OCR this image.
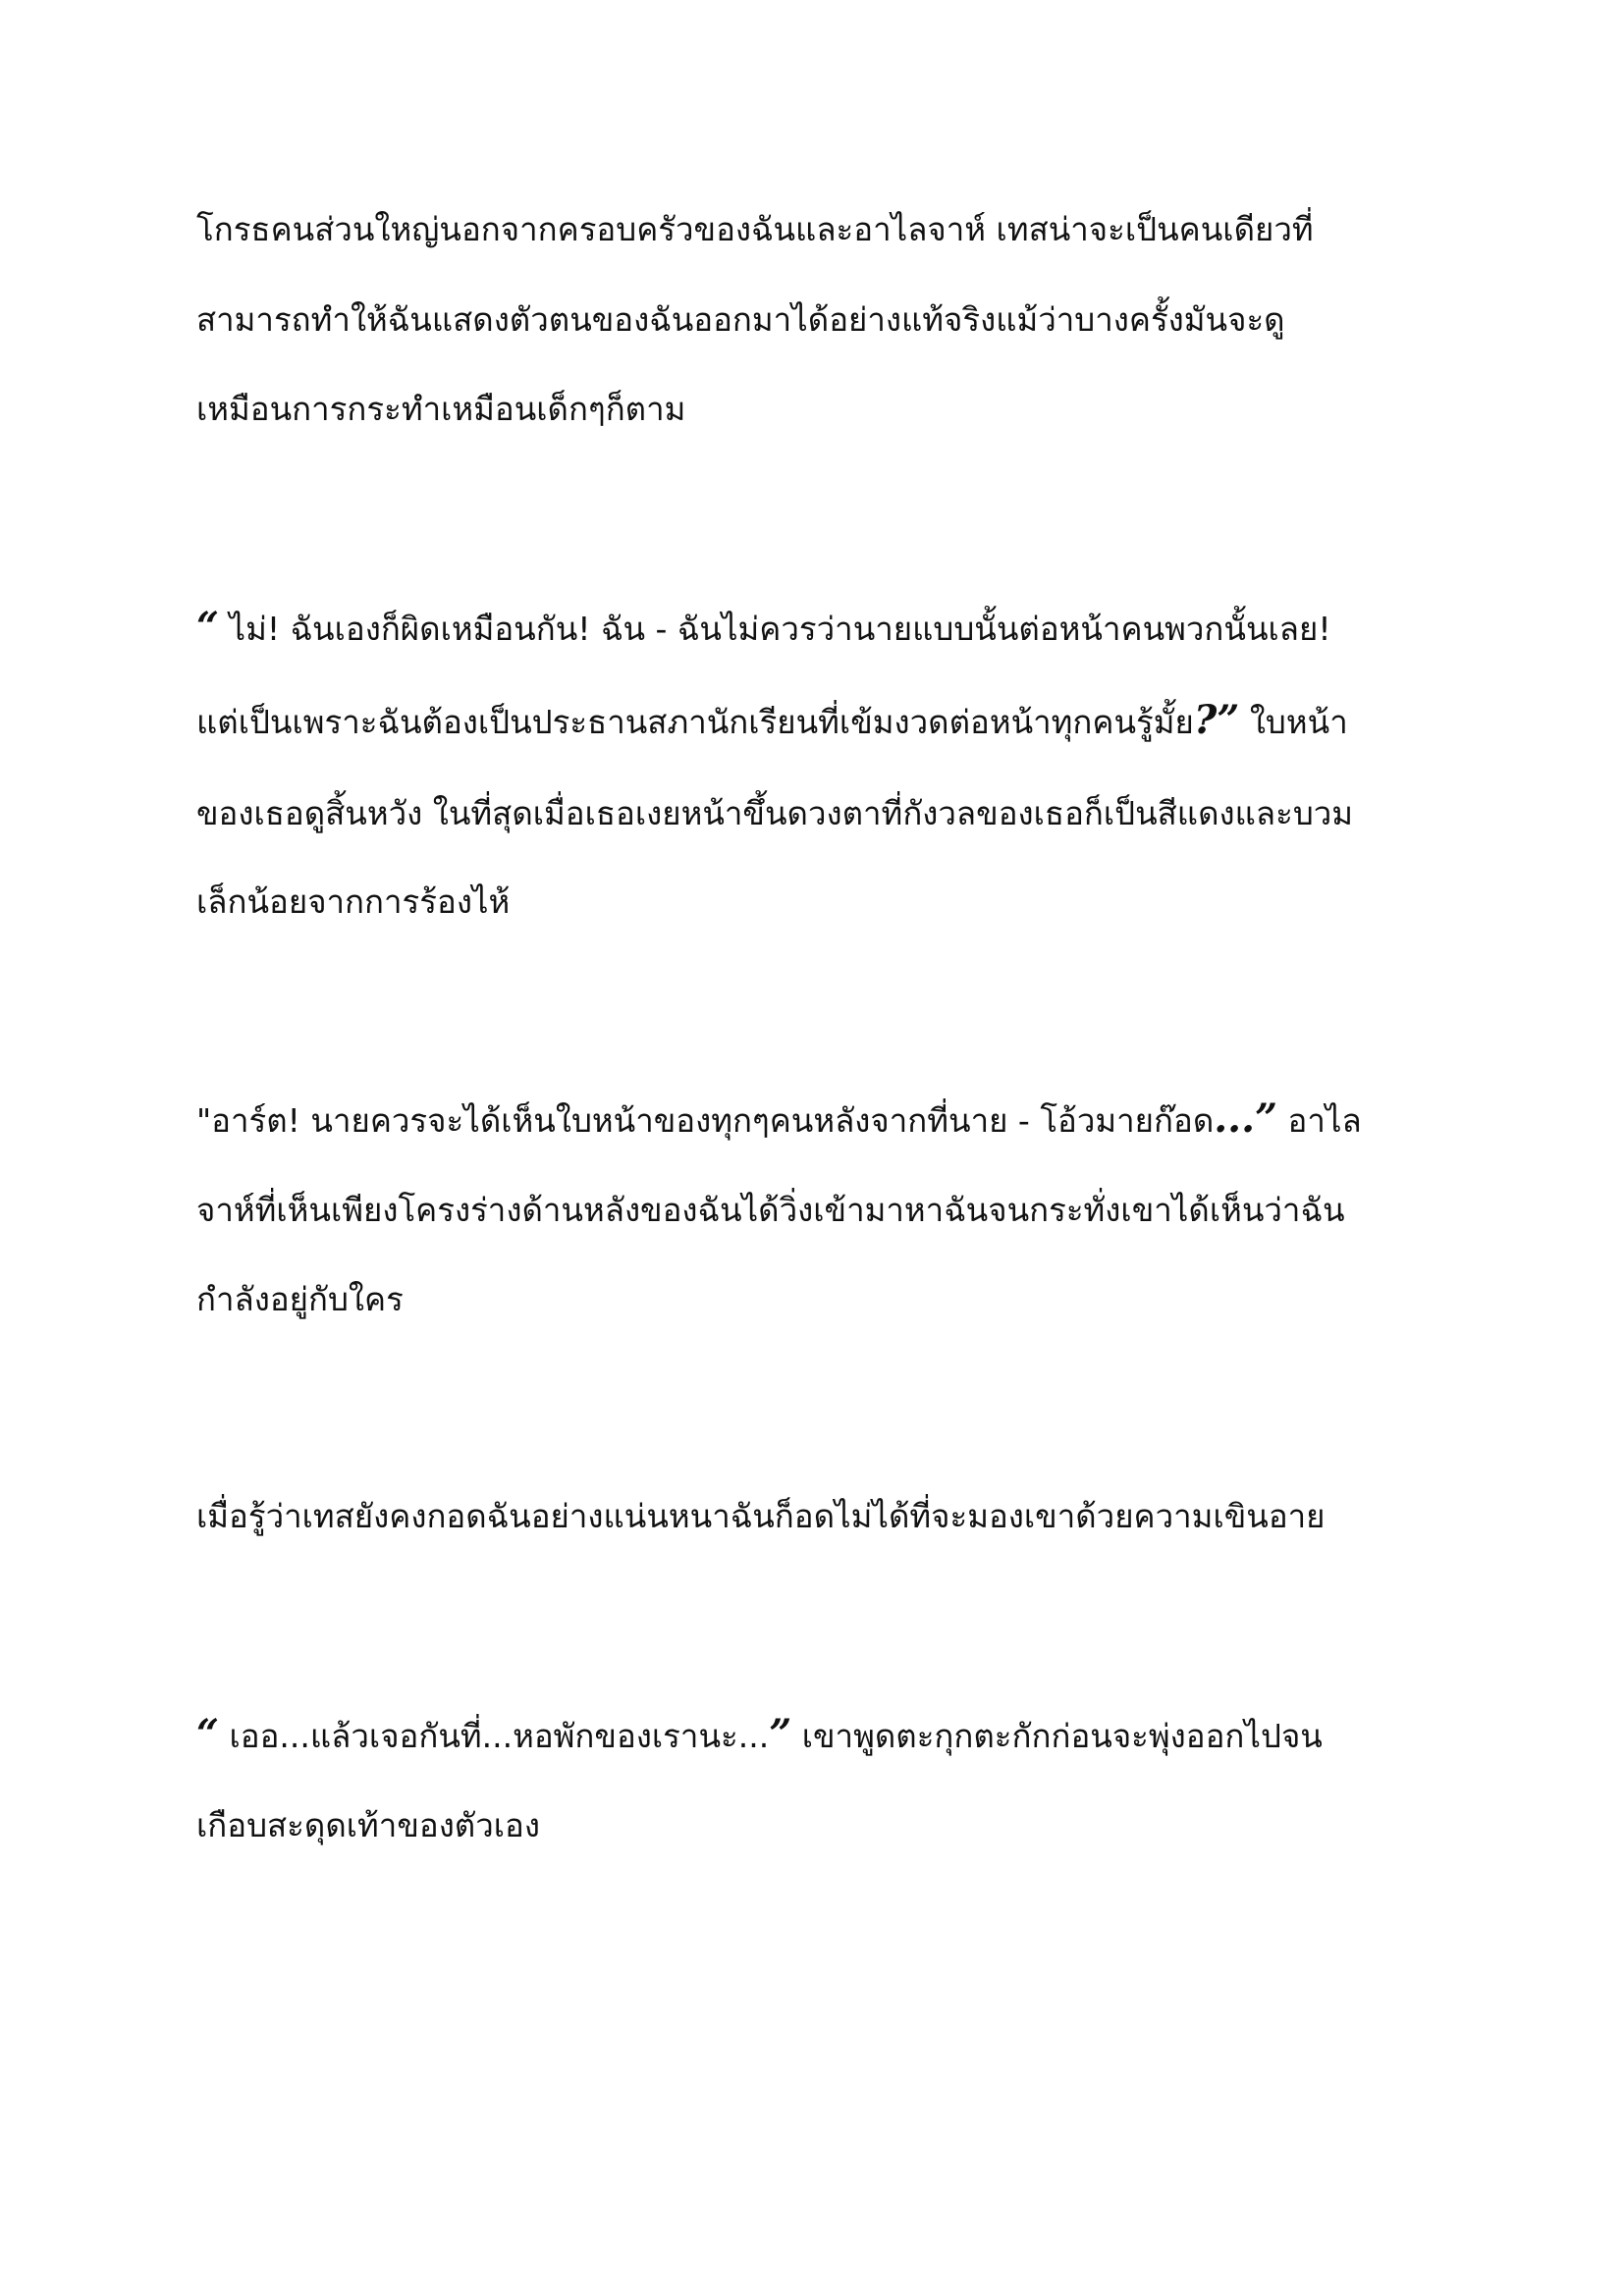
โกรธคนส่วนใหญ่นอกจากครอบครัวของฉันและอาไลจาห์ เทสน่าจะเป็นคนเดียวที่
สามารถทำให้ฉันแสดงตัวตนของฉันออกมาได้อย่างแท้จริงแม้ว่าบางครั้งมันจะดู
เหมือนการกระทำเหมือนเด็กๆก็ตาม
“ ไม่! ฉันเองก็ผิดเหมือนกัน! ฉัน - ฉันไม่ควรว่านายแบบนั้นต่อหน้าคนพวกนั้นเลย!
แต่เป็นเพราะฉันต้องเป็นประธานสภานักเรียนที่เข้มงวดต่อหน้าทุกคนรู้มั้ย?” ใบหน้า
ของเธอดูสิ้นหวัง ในที่สุดเมื่อเธอเงยหน้าขึ้นดวงตาที่กังวลของเธอก็เป็นสีแดงและบวม
เล็กน้อยจากการร้องไห้
"อาร์ต! นายควรจะได้เห็นใบหน้าของทุกๆคนหลังจากที่นาย - โอ้วมายก๊อด...” อาไล
จาห์ที่เห็นเพียงโครงร่างด้านหลังของฉันได้วิ่งเข้ามาหาฉันจนกระทั่งเขาได้เห็นว่าฉัน
กำลังอยู่กับใคร
เมื่อรู้ว่าเทสยังคงกอดฉันอย่างแน่นหนาฉันก็อดไม่ได้ที่จะมองเขาด้วยความเขินอาย
“ เออ...แล้วเจอกันที่...หอพักของเรานะ...” เขาพูดตะกุกตะกักก่อนจะพุ่งออกไปจน
เกือบสะดุดเท้าของตัวเอง
